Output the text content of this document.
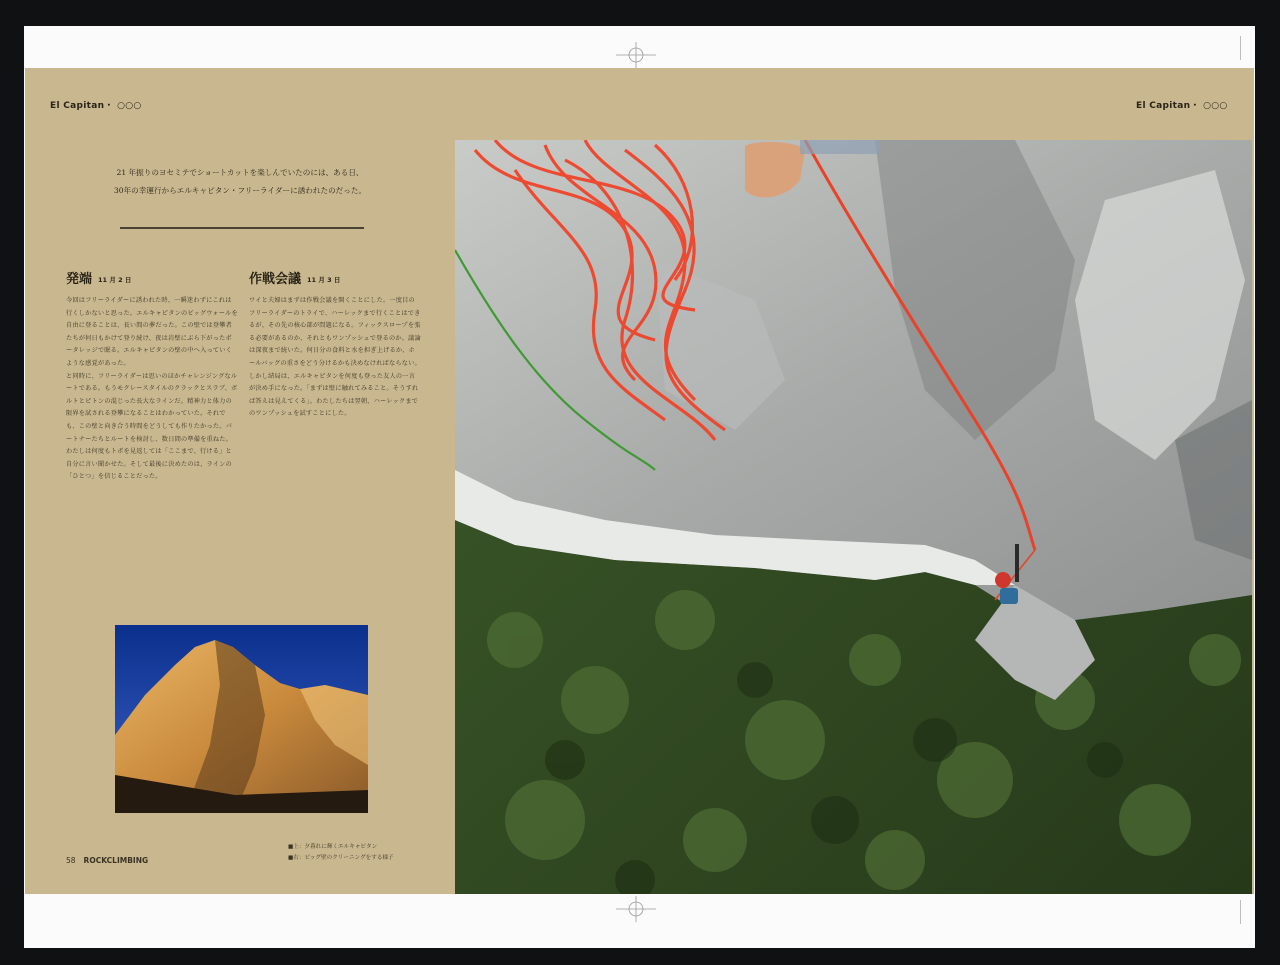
El Capitan・ ○○○	El Capitan・ ○○○
21 年振りのヨセミテでショートカットを楽しんでいたのには、ある日、
30年の幸運行からエルキャピタン・フリーライダーに誘われたのだった。
発端 11 月 2 日

今回はフリーライダーに誘われた時、一瞬迷わずにこれは行くしかないと思った。エルキャピタンのビッグウォールを自由に登ることは、長い間の夢だった。この壁では登攀者たちが何日もかけて登り続け、夜は岩壁にぶら下がったポータレッジで眠る。エルキャピタンの壁の中へ入っていくような感覚があった。

と同時に、フリーライダーは思いのほかチャレンジングなルートである。もうモクレースタイルのクラックとスラブ、ボルトとピトンの混じった長大なラインだ。精神力と体力の限界を試される登攀になることはわかっていた。それでも、この壁と向き合う時間をどうしても作りたかった。パートナーたちとルートを検討し、数日間の準備を重ねた。

わたしは何度もトポを見返しては「ここまで、行ける」と自分に言い聞かせた。そして最後に決めたのは、ラインの「ひとつ」を信じることだった。

作戦会議 11 月 3 日

ワイと夫婦はまずは作戦会議を開くことにした。一度目のフリーライダーのトライで、ハーレックまで行くことはできるが、その先の核心部が問題になる。フィックスロープを張る必要があるのか、それともワンプッシュで登るのか。議論は深夜まで続いた。何日分の食料と水を担ぎ上げるか、ホールバッグの重さをどう分けるかも決めなければならない。

しかし結局は、エルキャピタンを何度も登った友人の一言が決め手になった。「まずは壁に触れてみること。そうすれば答えは見えてくる」。わたしたちは翌朝、ハーレックまでのワンプッシュを試すことにした。

58 ROCKCLIMBING
■上：夕暮れに輝くエルキャピタン
■右：ビッグ壁のクリーニングをする様子
